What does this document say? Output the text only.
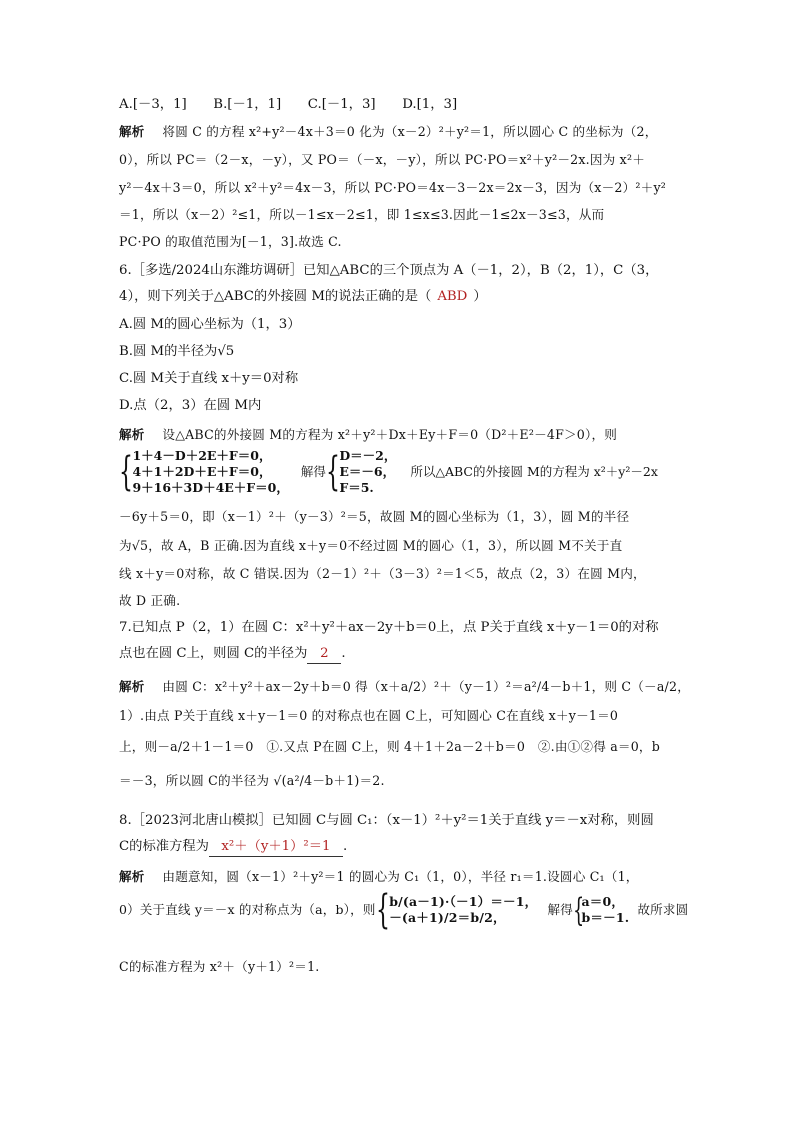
A.[－3，1]　　B.[－1，1]　　C.[－1，3]　　D.[1，3]
解析 将圆 C 的方程 x²+y²－4x＋3＝0 化为（x－2）²＋y²＝1，所以圆心 C 的坐标为（2，
0），所以 PC＝（2－x，－y），又 PO＝（－x，－y），所以 PC·PO＝x²＋y²－2x.因为 x²＋
y²－4x＋3＝0，所以 x²＋y²＝4x－3，所以 PC·PO＝4x－3－2x＝2x－3，因为（x－2）²＋y²
＝1，所以（x－2）²≤1，所以－1≤x－2≤1，即 1≤x≤3.因此－1≤2x－3≤3，从而
PC·PO 的取值范围为[－1，3].故选 C.
6.［多选/2024山东潍坊调研］已知△ABC的三个顶点为 A（－1，2），B（2，1），C（3，
4），则下列关于△ABC的外接圆 M的说法正确的是（ ABD ）
A.圆 M的圆心坐标为（1，3）
B.圆 M的半径为√5
C.圆 M关于直线 x＋y＝0对称
D.点（2，3）在圆 M内
解析 设△ABC的外接圆 M的方程为 x²＋y²＋Dx＋Ey＋F＝0（D²＋E²－4F＞0），则
{ 1＋4－D＋2E＋F＝0，
4＋1＋2D＋E＋F＝0，
9＋16＋3D＋4E＋F＝0，
解得{ D＝－2，
E＝－6，
F＝5.
所以△ABC的外接圆 M的方程为 x²＋y²－2x
－6y＋5＝0，即（x－1）²＋（y－3）²＝5，故圆 M的圆心坐标为（1，3），圆 M的半径
为√5，故 A，B 正确.因为直线 x＋y＝0不经过圆 M的圆心（1，3），所以圆 M不关于直
线 x＋y＝0对称，故 C 错误.因为（2－1）²＋（3－3）²＝1＜5，故点（2，3）在圆 M内，
故 D 正确.
7.已知点 P（2，1）在圆 C：x²＋y²＋ax－2y＋b＝0上，点 P关于直线 x＋y－1＝0的对称
点也在圆 C上，则圆 C的半径为 2 .
解析 由圆 C：x²＋y²＋ax－2y＋b＝0 得（x＋a/2）²＋（y－1）²＝a²/4－b＋1，则 C（－a/2，
1）.由点 P关于直线 x＋y－1＝0 的对称点也在圆 C上，可知圆心 C在直线 x＋y－1＝0
上，则－a/2＋1－1＝0　①.又点 P在圆 C上，则 4＋1＋2a－2＋b＝0　②.由①②得 a＝0，b
＝－3，所以圆 C的半径为 √(a²/4－b＋1)＝2.
8.［2023河北唐山模拟］已知圆 C与圆 C₁：（x－1）²＋y²＝1关于直线 y＝－x对称，则圆
C的标准方程为 x²＋（y＋1）²＝1 .
解析 由题意知，圆（x－1）²＋y²＝1 的圆心为 C₁（1，0），半径 r₁＝1.设圆心 C₁（1，
0）关于直线 y＝－x 的对称点为（a，b），则{ b/(a－1)·（－1）＝－1，
－(a＋1)/2＝b/2，
解得{
a＝0，
b＝－1.
故所求圆
C的标准方程为 x²＋（y＋1）²＝1.
